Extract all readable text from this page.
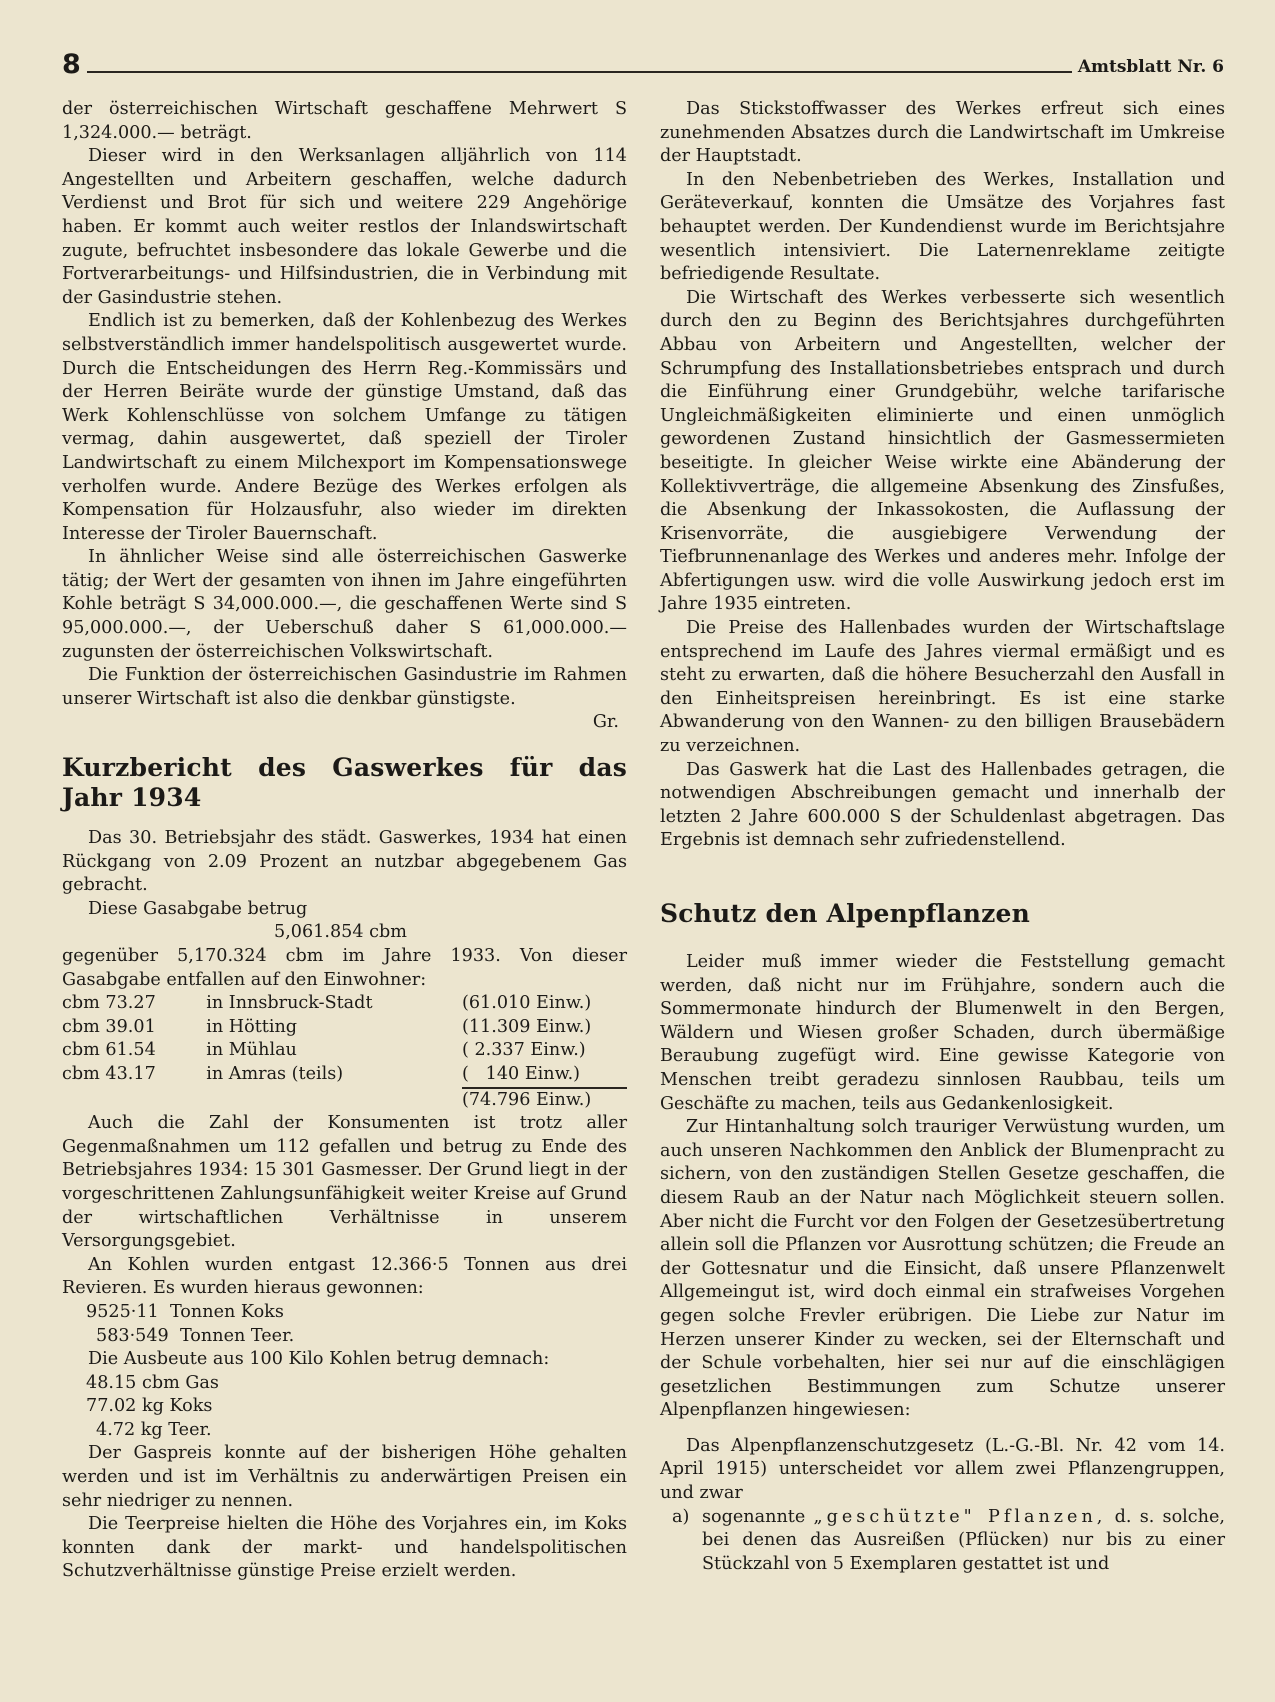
8	Amtsblatt Nr. 6

der österreichischen Wirtschaft geschaffene Mehrwert S 1,324.000.— beträgt.

Dieser wird in den Werksanlagen alljährlich von 114 Angestellten und Arbeitern geschaffen, welche dadurch Verdienst und Brot für sich und weitere 229 Angehörige haben. Er kommt auch weiter restlos der Inlandswirtschaft zugute, befruchtet insbesondere das lokale Gewerbe und die Fortverarbeitungs- und Hilfsindustrien, die in Verbindung mit der Gasindustrie stehen.

Endlich ist zu bemerken, daß der Kohlenbezug des Werkes selbstverständlich immer handelspolitisch ausgewertet wurde. Durch die Entscheidungen des Herrn Reg.-Kommissärs und der Herren Beiräte wurde der günstige Umstand, daß das Werk Kohlenschlüsse von solchem Umfange zu tätigen vermag, dahin ausgewertet, daß speziell der Tiroler Landwirtschaft zu einem Milchexport im Kompensationswege verholfen wurde. Andere Bezüge des Werkes erfolgen als Kompensation für Holzausfuhr, also wieder im direkten Interesse der Tiroler Bauernschaft.

In ähnlicher Weise sind alle österreichischen Gaswerke tätig; der Wert der gesamten von ihnen im Jahre eingeführten Kohle beträgt S 34,000.000.—, die geschaffenen Werte sind S 95,000.000.—, der Ueberschuß daher S 61,000.000.— zugunsten der österreichischen Volkswirtschaft.

Die Funktion der österreichischen Gasindustrie im Rahmen unserer Wirtschaft ist also die denkbar günstigste.

Gr.

Kurzbericht des Gaswerkes für das Jahr 1934

Das 30. Betriebsjahr des städt. Gaswerkes, 1934 hat einen Rückgang von 2.09 Prozent an nutzbar abgegebenem Gas gebracht.

Diese Gasabgabe betrug

5,061.854 cbm

gegenüber 5,170.324 cbm im Jahre 1933. Von dieser Gasabgabe entfallen auf den Einwohner:

cbm 73.27	in Innsbruck-Stadt	(61.010 Einw.)
cbm 39.01	in Hötting	(11.309 Einw.)
cbm 61.54	in Mühlau	( 2.337 Einw.)
cbm 43.17	in Amras (teils)	(   140 Einw.)
		(74.796 Einw.)

Auch die Zahl der Konsumenten ist trotz aller Gegenmaßnahmen um 112 gefallen und betrug zu Ende des Betriebsjahres 1934: 15 301 Gasmesser. Der Grund liegt in der vorgeschrittenen Zahlungsunfähigkeit weiter Kreise auf Grund der wirtschaftlichen Verhältnisse in unserem Versorgungsgebiet.

An Kohlen wurden entgast 12.366·5 Tonnen aus drei Revieren. Es wurden hieraus gewonnen:

9525·11  Tonnen Koks
583·549  Tonnen Teer.

Die Ausbeute aus 100 Kilo Kohlen betrug demnach:

48.15 cbm Gas
77.02 kg Koks
4.72 kg Teer.

Der Gaspreis konnte auf der bisherigen Höhe gehalten werden und ist im Verhältnis zu anderwärtigen Preisen ein sehr niedriger zu nennen.

Die Teerpreise hielten die Höhe des Vorjahres ein, im Koks konnten dank der markt- und handelspolitischen Schutzverhältnisse günstige Preise erzielt werden.

Das Stickstoffwasser des Werkes erfreut sich eines zunehmenden Absatzes durch die Landwirtschaft im Umkreise der Hauptstadt.

In den Nebenbetrieben des Werkes, Installation und Geräteverkauf, konnten die Umsätze des Vorjahres fast behauptet werden. Der Kundendienst wurde im Berichtsjahre wesentlich intensiviert. Die Laternenreklame zeitigte befriedigende Resultate.

Die Wirtschaft des Werkes verbesserte sich wesentlich durch den zu Beginn des Berichtsjahres durchgeführten Abbau von Arbeitern und Angestellten, welcher der Schrumpfung des Installationsbetriebes entsprach und durch die Einführung einer Grundgebühr, welche tarifarische Ungleichmäßigkeiten eliminierte und einen unmöglich gewordenen Zustand hinsichtlich der Gasmessermieten beseitigte. In gleicher Weise wirkte eine Abänderung der Kollektivverträge, die allgemeine Absenkung des Zinsfußes, die Absenkung der Inkassokosten, die Auflassung der Krisenvorräte, die ausgiebigere Verwendung der Tiefbrunnenanlage des Werkes und anderes mehr. Infolge der Abfertigungen usw. wird die volle Auswirkung jedoch erst im Jahre 1935 eintreten.

Die Preise des Hallenbades wurden der Wirtschaftslage entsprechend im Laufe des Jahres viermal ermäßigt und es steht zu erwarten, daß die höhere Besucherzahl den Ausfall in den Einheitspreisen hereinbringt. Es ist eine starke Abwanderung von den Wannen- zu den billigen Brausebädern zu verzeichnen.

Das Gaswerk hat die Last des Hallenbades getragen, die notwendigen Abschreibungen gemacht und innerhalb der letzten 2 Jahre 600.000 S der Schuldenlast abgetragen. Das Ergebnis ist demnach sehr zufriedenstellend.

Schutz den Alpenpflanzen

Leider muß immer wieder die Feststellung gemacht werden, daß nicht nur im Frühjahre, sondern auch die Sommermonate hindurch der Blumenwelt in den Bergen, Wäldern und Wiesen großer Schaden, durch übermäßige Beraubung zugefügt wird. Eine gewisse Kategorie von Menschen treibt geradezu sinnlosen Raubbau, teils um Geschäfte zu machen, teils aus Gedankenlosigkeit.

Zur Hintanhaltung solch trauriger Verwüstung wurden, um auch unseren Nachkommen den Anblick der Blumenpracht zu sichern, von den zuständigen Stellen Gesetze geschaffen, die diesem Raub an der Natur nach Möglichkeit steuern sollen. Aber nicht die Furcht vor den Folgen der Gesetzesübertretung allein soll die Pflanzen vor Ausrottung schützen; die Freude an der Gottesnatur und die Einsicht, daß unsere Pflanzenwelt Allgemeingut ist, wird doch einmal ein strafweises Vorgehen gegen solche Frevler erübrigen. Die Liebe zur Natur im Herzen unserer Kinder zu wecken, sei der Elternschaft und der Schule vorbehalten, hier sei nur auf die einschlägigen gesetzlichen Bestimmungen zum Schutze unserer Alpenpflanzen hingewiesen:

Das Alpenpflanzenschutzgesetz (L.-G.-Bl. Nr. 42 vom 14. April 1915) unterscheidet vor allem zwei Pflanzengruppen, und zwar

a) sogenannte „geschützte" Pflanzen, d. s. solche, bei denen das Ausreißen (Pflücken) nur bis zu einer Stückzahl von 5 Exemplaren gestattet ist und
